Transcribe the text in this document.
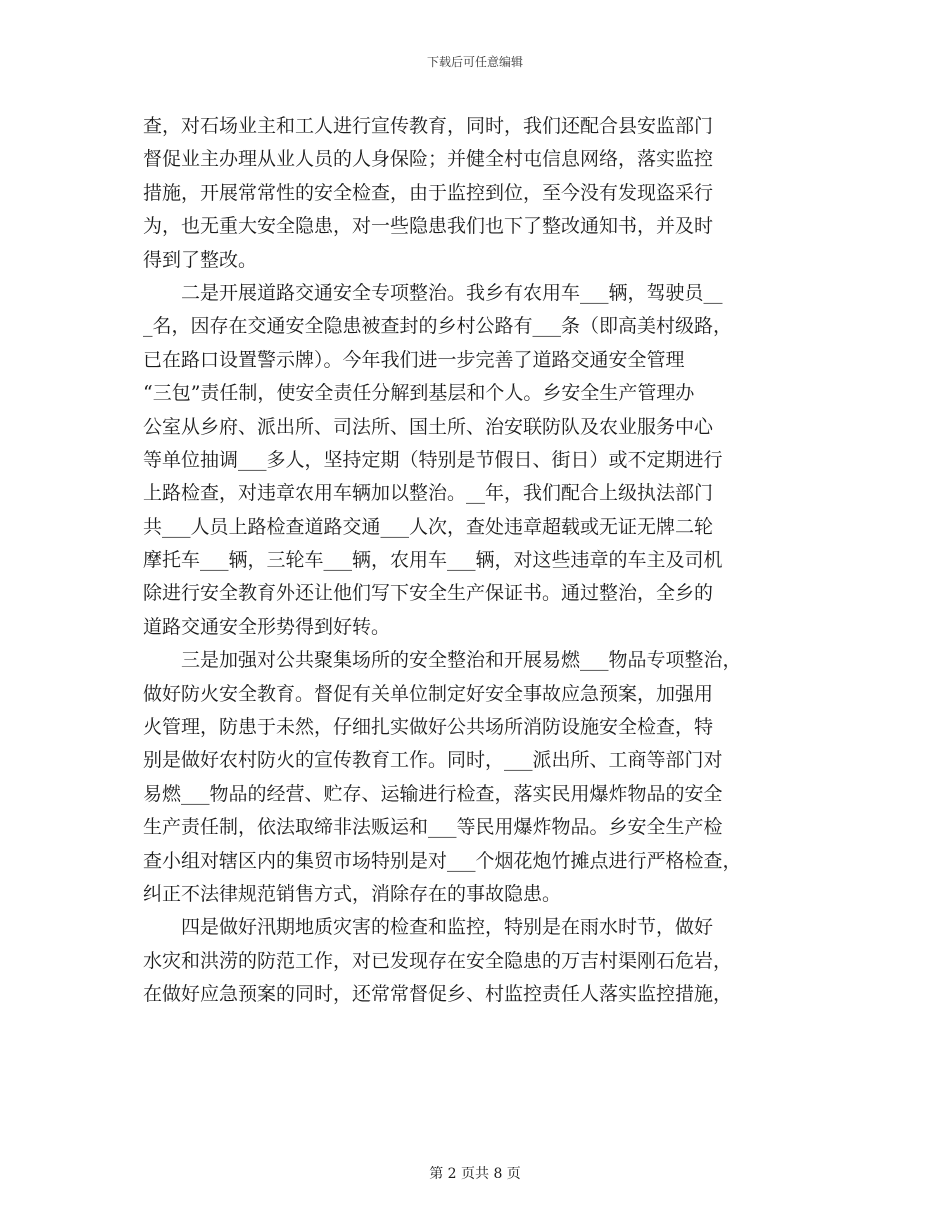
下载后可任意编辑
查，对石场业主和工人进行宣传教育，同时，我们还配合县安监部门
督促业主办理从业人员的人身保险；并健全村屯信息网络，落实监控
措施，开展常常性的安全检查，由于监控到位，至今没有发现盗采行
为，也无重大安全隐患，对一些隐患我们也下了整改通知书，并及时
得到了整改。
　　二是开展道路交通安全专项整治。我乡有农用车___辆，驾驶员__
_名，因存在交通安全隐患被查封的乡村公路有___条（即高美村级路，
已在路口设置警示牌）。今年我们进一步完善了道路交通安全管理
“三包”责任制，使安全责任分解到基层和个人。乡安全生产管理办
公室从乡府、派出所、司法所、国土所、治安联防队及农业服务中心
等单位抽调___多人，坚持定期（特别是节假日、街日）或不定期进行
上路检查，对违章农用车辆加以整治。__年，我们配合上级执法部门
共___人员上路检查道路交通___人次，查处违章超载或无证无牌二轮
摩托车___辆，三轮车___辆，农用车___辆，对这些违章的车主及司机
除进行安全教育外还让他们写下安全生产保证书。通过整治，全乡的
道路交通安全形势得到好转。
　　三是加强对公共聚集场所的安全整治和开展易燃___物品专项整治，
做好防火安全教育。督促有关单位制定好安全事故应急预案，加强用
火管理，防患于未然，仔细扎实做好公共场所消防设施安全检查，特
别是做好农村防火的宣传教育工作。同时，___派出所、工商等部门对
易燃___物品的经营、贮存、运输进行检查，落实民用爆炸物品的安全
生产责任制，依法取缔非法贩运和___等民用爆炸物品。乡安全生产检
查小组对辖区内的集贸市场特别是对___个烟花炮竹摊点进行严格检查，
纠正不法律规范销售方式，消除存在的事故隐患。
　　四是做好汛期地质灾害的检查和监控，特别是在雨水时节，做好
水灾和洪涝的防范工作，对已发现存在安全隐患的万吉村渠刚石危岩，
在做好应急预案的同时，还常常督促乡、村监控责任人落实监控措施，
第 2 页共 8 页
